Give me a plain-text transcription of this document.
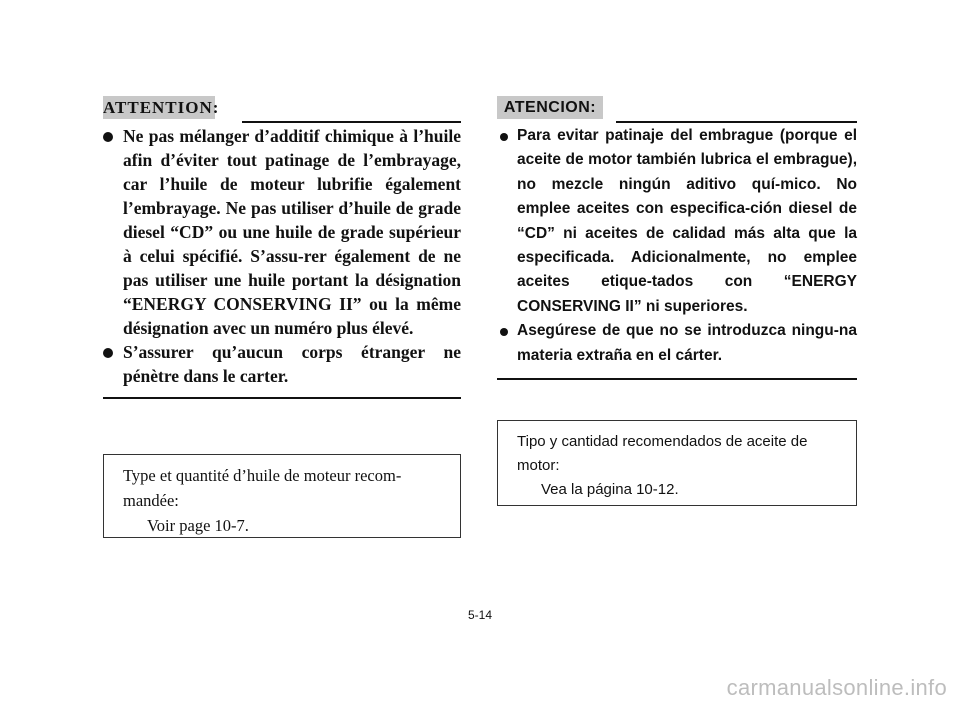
ATTENTION:
Ne pas mélanger d’additif chimique à l’huile afin d’éviter tout patinage de l’embrayage, car l’huile de moteur lubrifie également l’embrayage. Ne pas utiliser d’huile de grade diesel “CD” ou une huile de grade supérieur à celui spécifié. S’assu-rer également de ne pas utiliser une huile portant la désignation “ENERGY CONSERVING II” ou la même désignation avec un numéro plus élevé.
S’assurer qu’aucun corps étranger ne pénètre dans le carter.
Type et quantité d’huile de moteur recom-
mandée:
Voir page 10-7.
ATENCION:
Para evitar patinaje del embrague (porque el aceite de motor también lubrica el embrague), no mezcle ningún aditivo quí-mico. No emplee aceites con especifica-ción diesel de “CD” ni aceites de calidad más alta que la especificada. Adicionalmente, no emplee aceites etique-tados con “ENERGY CONSERVING II” ni superiores.
Asegúrese de que no se introduzca ningu-na materia extraña en el cárter.
Tipo y cantidad recomendados de aceite de
motor:
Vea la página 10-12.
5-14
carmanualsonline.info
